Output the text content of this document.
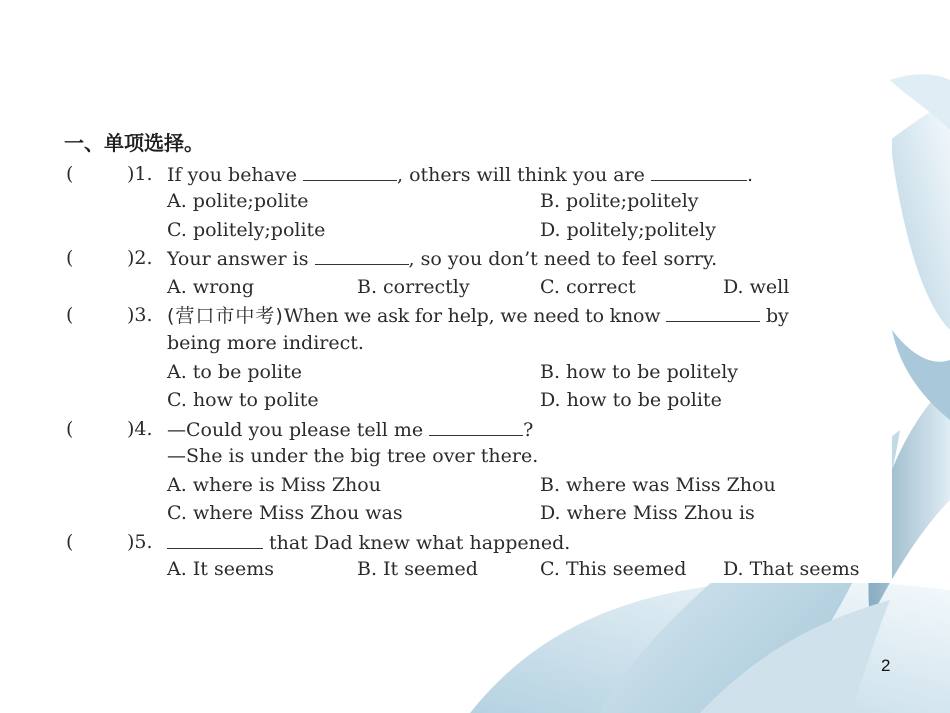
一、单项选择。
(	)1. If you behave	, others will think you are	.
A. polite;polite	B. polite;politely
C. politely;polite	D. politely;politely
(	)2. Your answer is	, so you don’t need to feel sorry.
A. wrong	B. correctly	C. correct	D. well
(	)3. (营口市中考)When we ask for help, we need to know	by
being more indirect.
A. to be polite	B. how to be politely
C. how to polite	D. how to be polite
(	)4. —Could you please tell me	?
—She is under the big tree over there.
A. where is Miss Zhou	B. where was Miss Zhou
C. where Miss Zhou was	D. where Miss Zhou is
(	)5.	that Dad knew what happened.
A. It seems	B. It seemed	C. This seemed D. That seems
2
